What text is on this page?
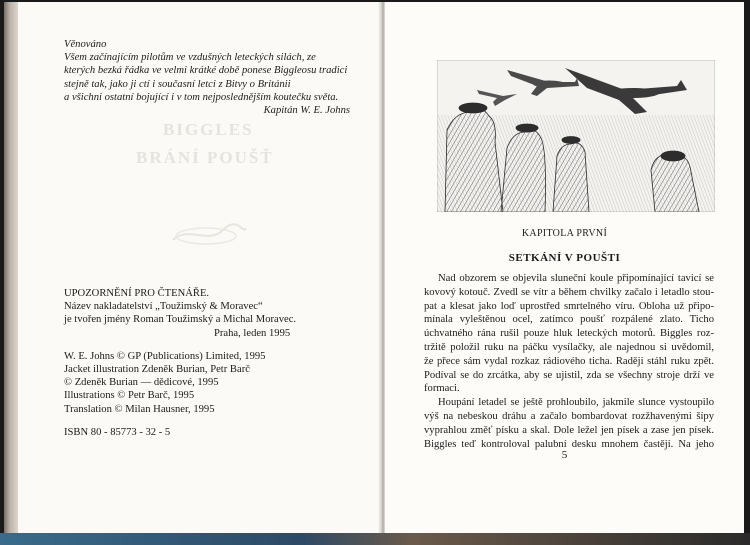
BIGGLES
BRÁNÍ POUŠŤ
Věnováno
Všem začínajícím pilotům ve vzdušných leteckých silách, ze
kterých bezká řádka ve velmi krátké době ponese Biggleosu tradici
stejně tak, jako ji ctí i současní letci z Bitvy o Británii
a všichni ostatní bojující i v tom nejposlednějším koutečku světa.
Kapitán W. E. Johns
UPOZORNĚNÍ PRO ČTENÁŘE.
Název nakladatelství „Toužimský & Moravec“
je tvořen jmény Roman Toužimský a Michal Moravec.
Praha, leden 1995
W. E. Johns © GP (Publications) Limited, 1995
Jacket illustration Zdeněk Burian, Petr Barč
© Zdeněk Burian — dědicové, 1995
Illustrations © Petr Barč, 1995
Translation © Milan Hausner, 1995
ISBN 80 - 85773 - 32 - 5
KAPITOLA PRVNÍ
SETKÁNÍ V POUŠTI

Nad obzorem se objevila sluneční koule připomínající tavicí se

kovový kotouč. Zvedl se vítr a během chvilky začalo i letadlo stou-

pat a klesat jako loď uprostřed smrtelného víru. Obloha už připo-

mínala vyleštěnou ocel, zatímco poušť rozpálené zlato. Ticho

úchvatného rána rušil pouze hluk leteckých motorů. Biggles roz-

tržitě položil ruku na páčku vysílačky, ale najednou si uvědomil,

že přece sám vydal rozkaz rádiového ticha. Raději stáhl ruku zpět.

Podíval se do zrcátka, aby se ujistil, zda se všechny stroje drží ve

formaci.

Houpání letadel se ještě prohloubilo, jakmile slunce vystoupilo

výš na nebeskou dráhu a začalo bombardovat rozžhavenými šípy

vyprahlou změť písku a skal. Dole ležel jen písek a zase jen písek.

Biggles teď kontroloval palubní desku mnohem častěji. Na jeho

5
